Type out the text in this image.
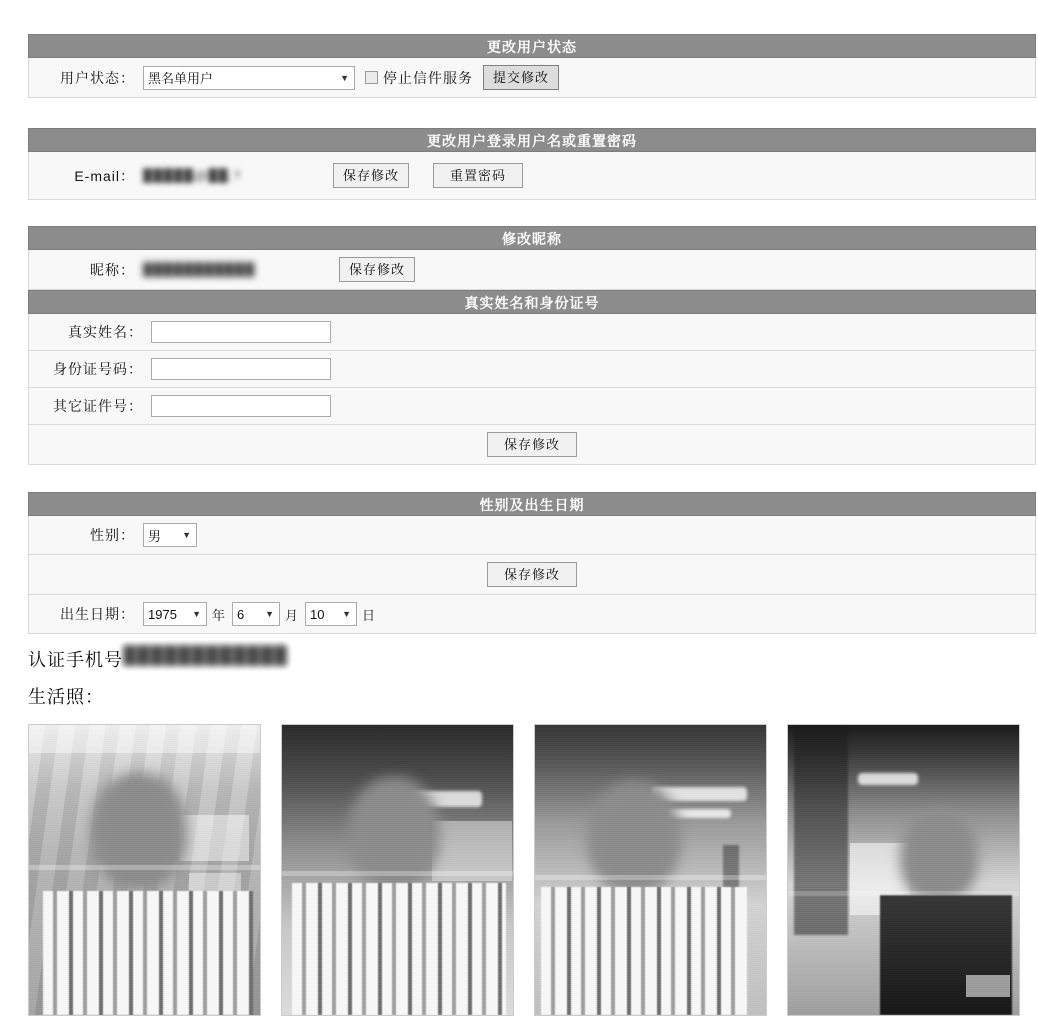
更改用户状态
用户状态：	黑名单用户	▼ 停止信件服务	提交修改
更改用户登录用户名或重置密码
E-mail： █████@██.?	保存修改	重置密码
修改昵称
昵称： ███████████	保存修改
真实姓名和身份证号
真实姓名：
身份证号码：
其它证件号：
保存修改
性别及出生日期
性别：	男	▼
保存修改
出生日期：	1975	▼ 年 6	▼ 月 10	▼ 日
认证手机号████████████
生活照：
